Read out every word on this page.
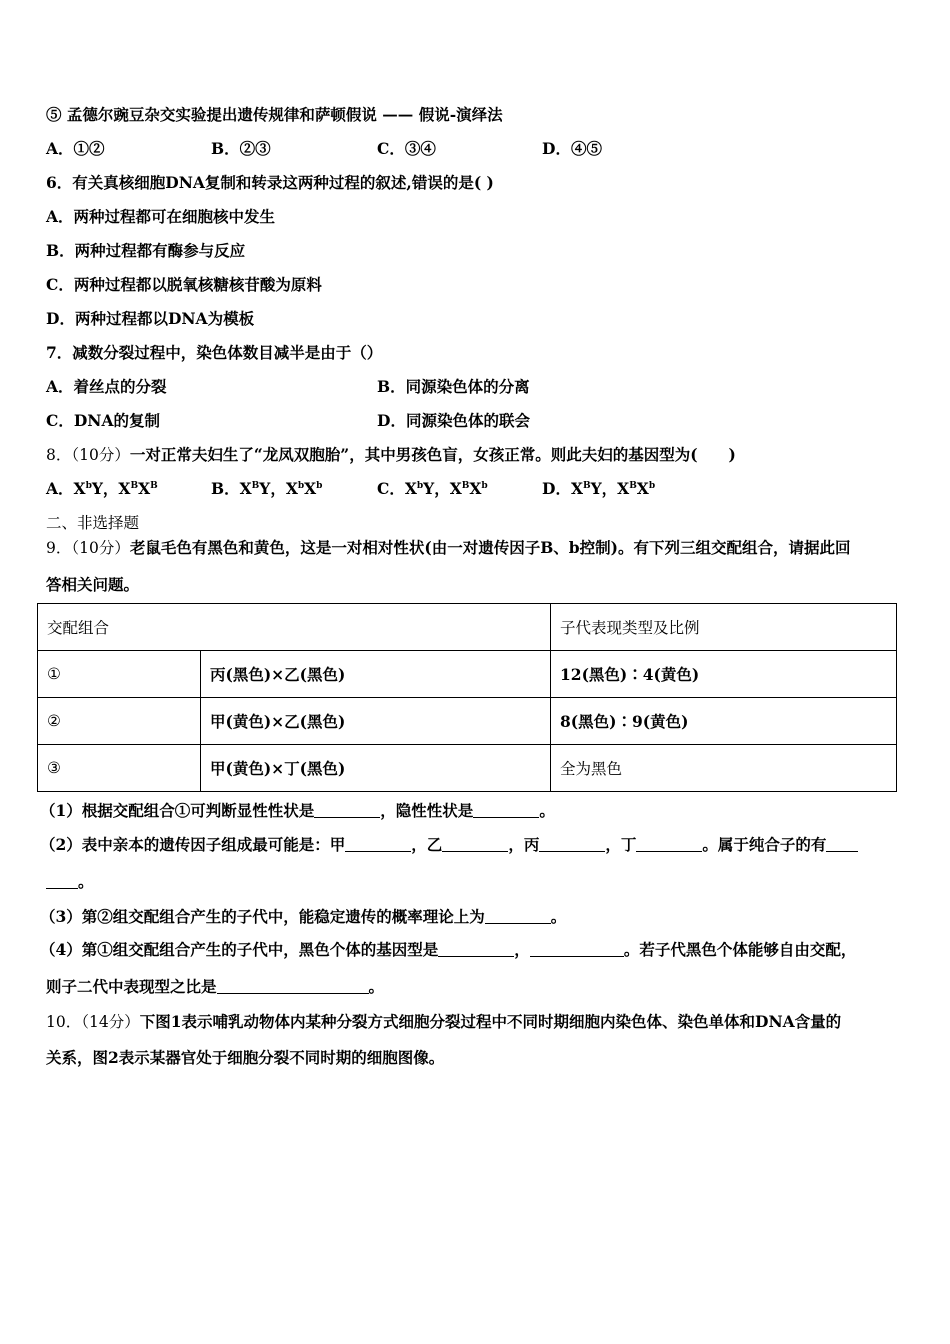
⑤ 孟德尔豌豆杂交实验提出遗传规律和萨顿假说 —— 假说-演绎法
A．①②	B．②③	C．③④	D．④⑤
6．有关真核细胞DNA复制和转录这两种过程的叙述,错误的是( )
A．两种过程都可在细胞核中发生
B．两种过程都有酶参与反应
C．两种过程都以脱氧核糖核苷酸为原料
D．两种过程都以DNA为模板
7．减数分裂过程中，染色体数目减半是由于（）
A．着丝点的分裂	B．同源染色体的分离
C．DNA的复制	D．同源染色体的联会
8．（10分）一对正常夫妇生了“龙凤双胞胎”，其中男孩色盲，女孩正常。则此夫妇的基因型为(　　)
A．$X^bY$，$X^BX^B$	B．$X^BY$，$X^bX^b$	C．$X^bY$，$X^BX^b$	D．$X^BY$，$X^BX^b$
二、非选择题
9．（10分）老鼠毛色有黑色和黄色，这是一对相对性状(由一对遗传因子B、b控制)。有下列三组交配组合，请据此回
答相关问题。
交配组合		子代表现类型及比例
①	丙(黑色)×乙(黑色)	12(黑色)∶4(黄色)
②	甲(黄色)×乙(黑色)	8(黑色)∶9(黄色)
③	甲(黄色)×丁(黑色)	全为黑色
（1）根据交配组合①可判断显性性状是	，隐性性状是	。
（2）表中亲本的遗传因子组成最可能是：甲	，乙	，丙	，丁	。属于纯合子的有
。
（3）第②组交配组合产生的子代中，能稳定遗传的概率理论上为	。
（4）第①组交配组合产生的子代中，黑色个体的基因型是	，	。若子代黑色个体能够自由交配，
则子二代中表现型之比是	。
10．（14分）下图1表示哺乳动物体内某种分裂方式细胞分裂过程中不同时期细胞内染色体、染色单体和DNA含量的
关系，图2表示某器官处于细胞分裂不同时期的细胞图像。
